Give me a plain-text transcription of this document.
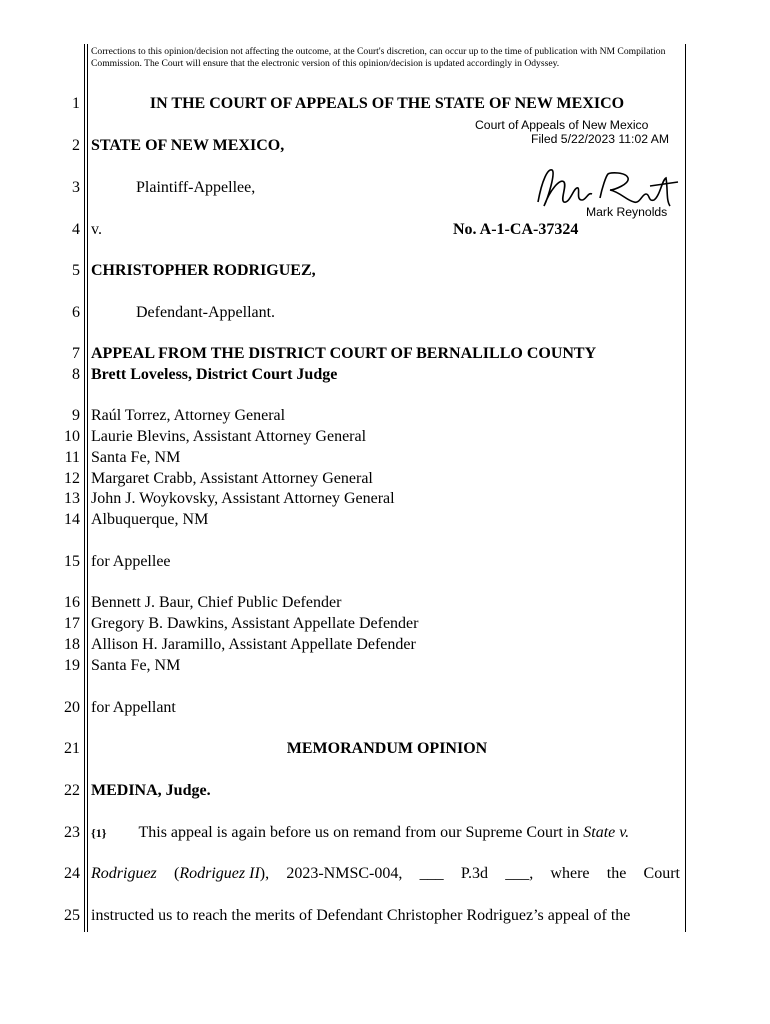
Corrections to this opinion/decision not affecting the outcome, at the Court's discretion, can occur up to the time of publication with NM Compilation Commission. The Court will ensure that the electronic version of this opinion/decision is updated accordingly in Odyssey.
1
2
3
4
5
6
7
8
9
10
11
12
13
14
15
16
17
18
19
20
21
22
23
24
25
IN THE COURT OF APPEALS OF THE STATE OF NEW MEXICO
Court of Appeals of New Mexico
Filed 5/22/2023 11:02 AM
Mark Reynolds
STATE OF NEW MEXICO,
Plaintiff-Appellee,
v.	No. A-1-CA-37324
CHRISTOPHER RODRIGUEZ,
Defendant-Appellant.
APPEAL FROM THE DISTRICT COURT OF BERNALILLO COUNTY
Brett Loveless, District Court Judge
Raúl Torrez, Attorney General
Laurie Blevins, Assistant Attorney General
Santa Fe, NM
Margaret Crabb, Assistant Attorney General
John J. Woykovsky, Assistant Attorney General
Albuquerque, NM
for Appellee
Bennett J. Baur, Chief Public Defender
Gregory B. Dawkins, Assistant Appellate Defender
Allison H. Jaramillo, Assistant Appellate Defender
Santa Fe, NM
for Appellant
MEMORANDUM OPINION
MEDINA, Judge.
{1} This appeal is again before us on remand from our Supreme Court in State v.
Rodriguez (Rodriguez II), 2023-NMSC-004, ___ P.3d ___, where the Court
instructed us to reach the merits of Defendant Christopher Rodriguez’s appeal of the
